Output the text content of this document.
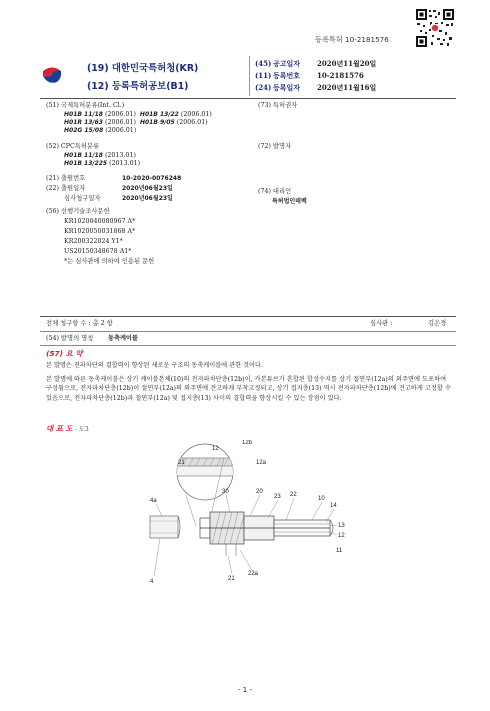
등록특허 10-2181576
(19) 대한민국특허청(KR)
(12) 등록특허공보(B1)
(45) 공고일자 2020년11월20일
(11) 등록번호 10-2181576
(24) 등록일자 2020년11월16일
(51) 국제특허분류(Int. Cl.)
H01B 11/18 (2006.01) H01B 13/22 (2006.01)
H01R 13/63 (2006.01) H01B 9/05 (2006.01)
H02G 15/08 (2006.01)
(52) CPC특허분류
H01B 11/18 (2013.01)
H01B 13/225 (2013.01)
(21) 출원번호	10-2020-0076248
(22) 출원일자	2020년06월23일
심사청구일자	2020년06월23일
(56) 선행기술조사문헌
KR1020040080967 A*
KR1020050031868 A*
KR200322024 Y1*
US20150348678 A1*
*는 심사관에 의하여 인용된 문헌
(73) 특허권자
(72) 발명자
(74) 대리인
특허법인태백
전체 청구항 수 : 총 2 항	심사관 :	김은경
(54) 발명의 명칭 동축케이블
(57) 요 약
본 발명은 전파차단의 결합력이 향상된 새로운 구조의 동축케이블에 관한 것이다.
본 발명에 따른 동축케이블은 상기 케이블본체(10)의 전자파차단층(12b)이, 카본튜브가 혼합된 합성수지를 상기 절연부(12a)의 외주면에 도포하여 구성됨으로, 전자파차단층(12b)이 절연부(12a)의 외주면에 견고하게 부착고정되고, 상기 접지층(13) 역시 전자파차단층(12b)에 견고하게 고정할 수 있음으로, 전자파차단층(12b)과 절연부(12a) 및 접지층(13) 사이의 결합력을 향상시킬 수 있는 장점이 있다.
대 표 도 - 도3
12
12b
12a
21
4a
30	20
23 22
10
14
13
12
11
21
22a
4
- 1 -
